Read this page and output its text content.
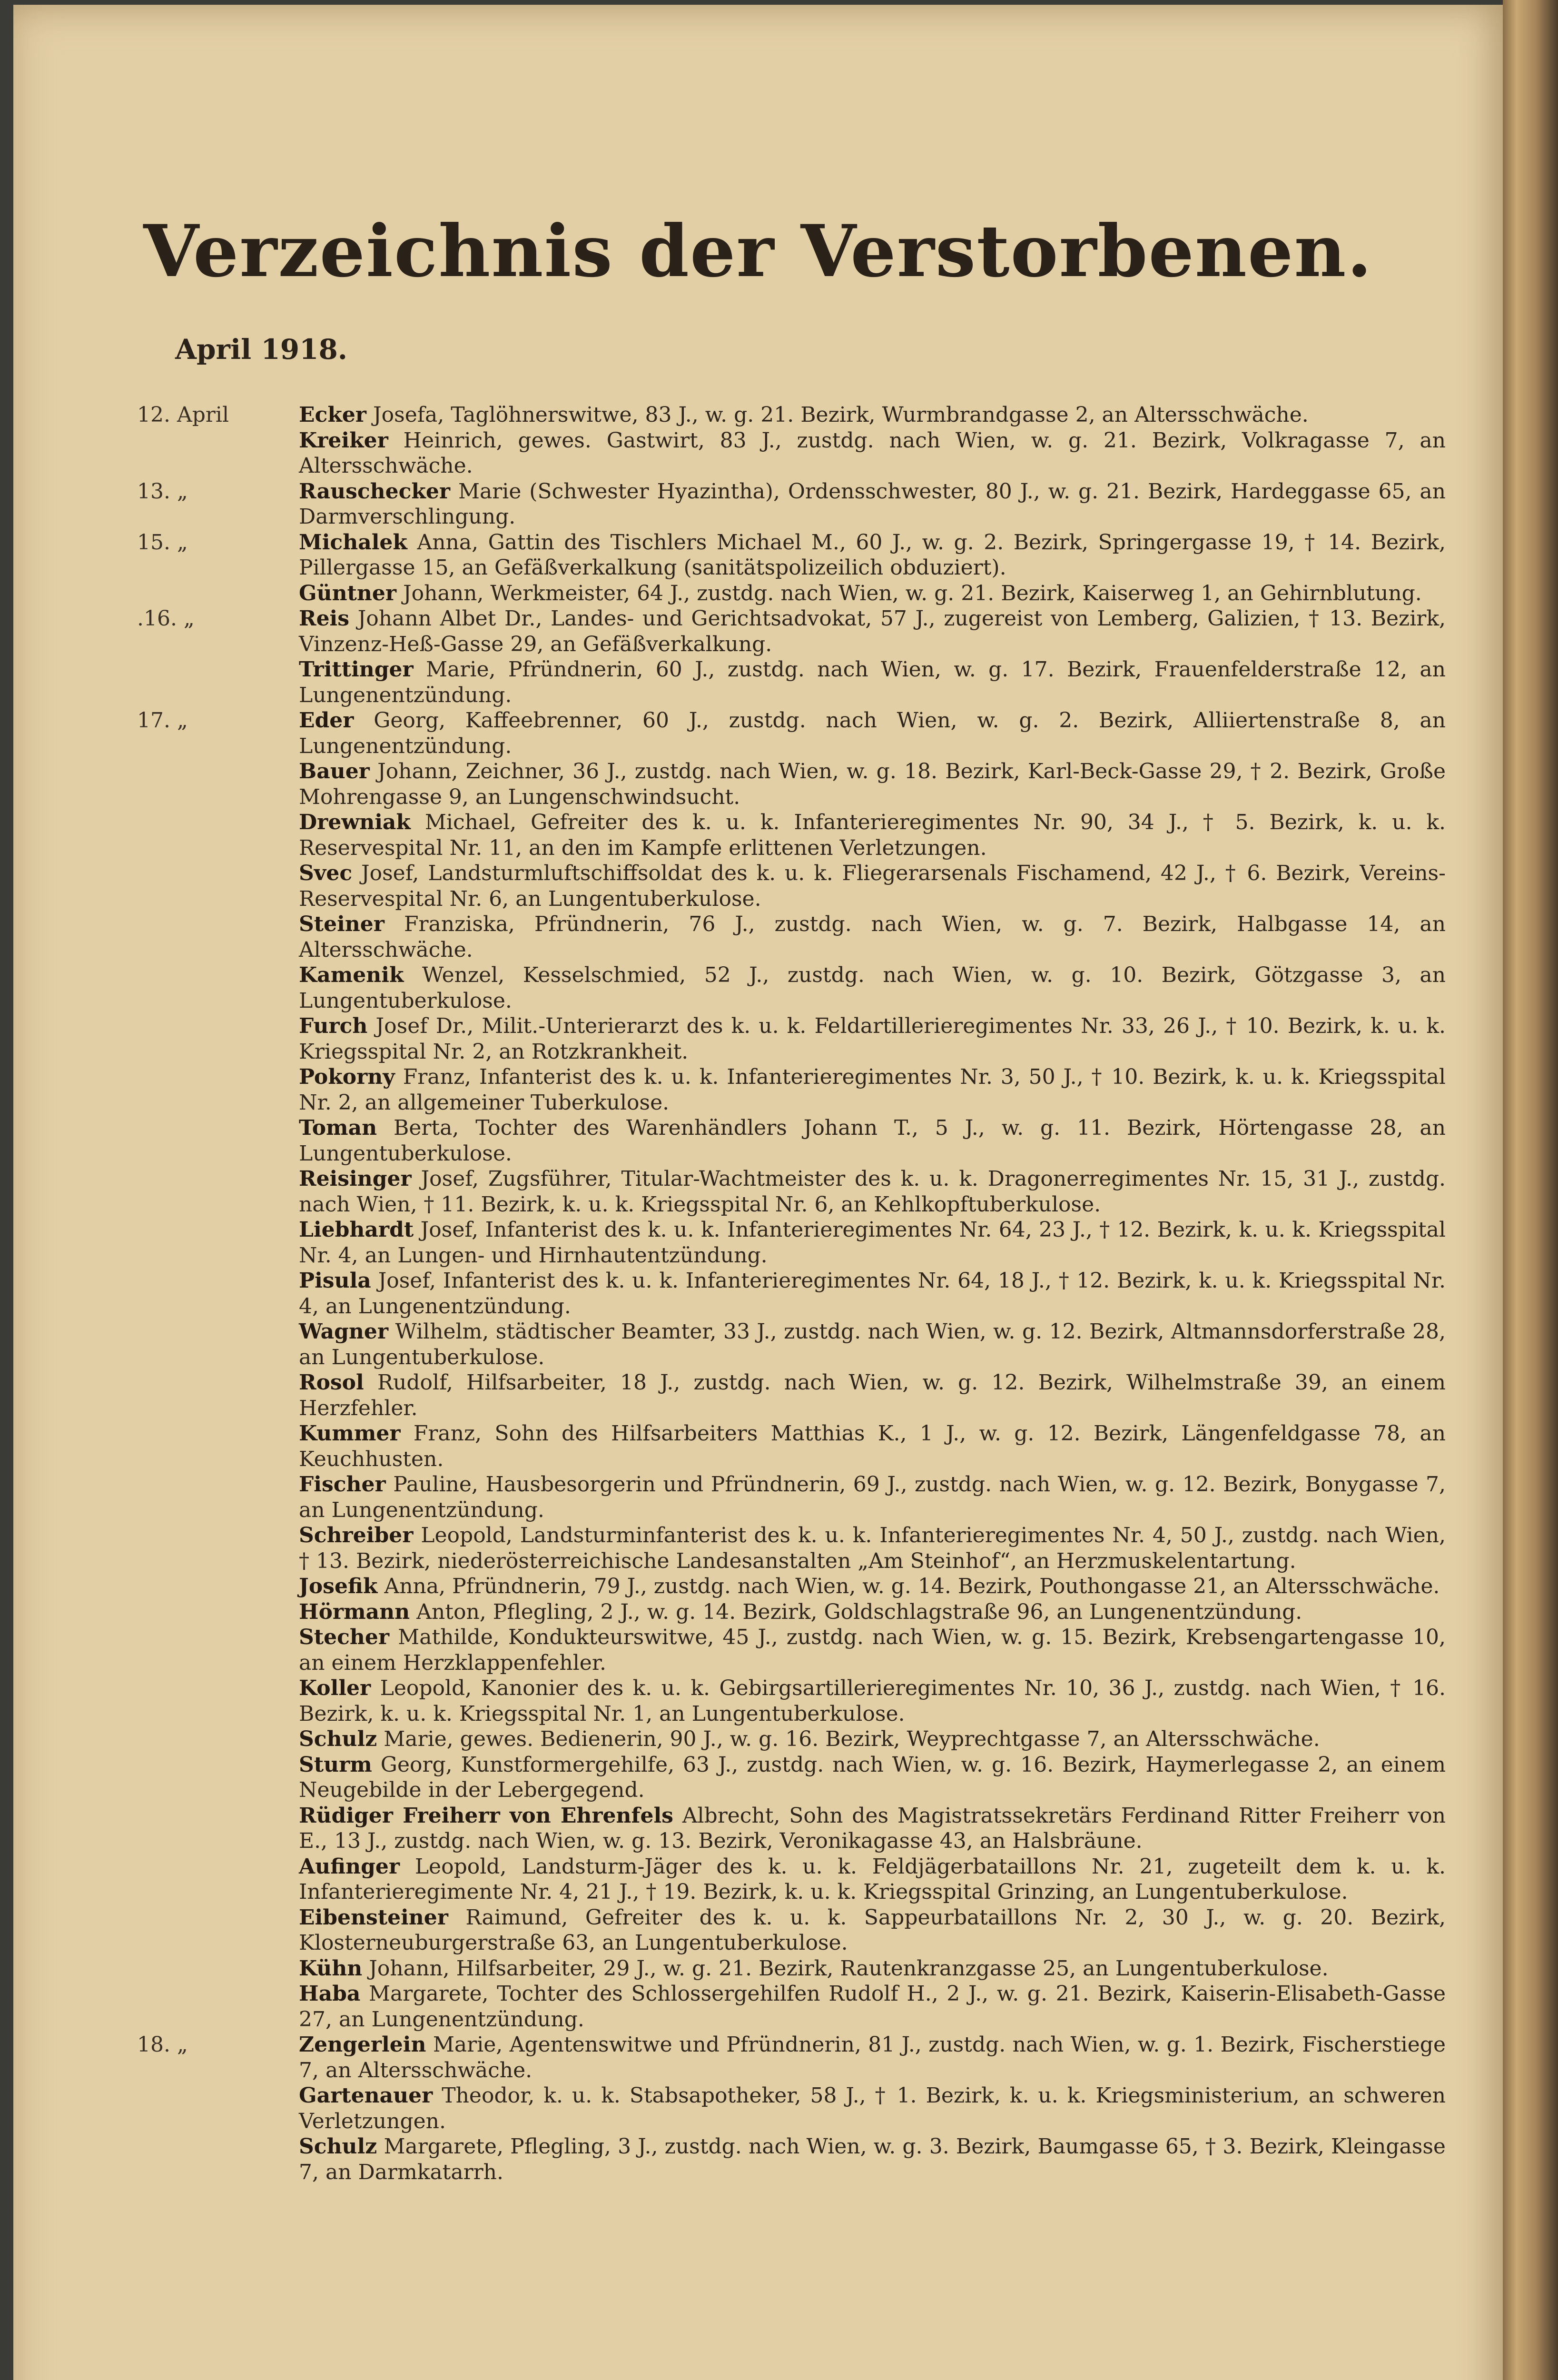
Verzeichnis der Verstorbenen.
April 1918.
12. April	Ecker Josefa, Taglöhnerswitwe, 83 J., w. g. 21. Bezirk, Wurmbrandgasse 2, an Altersschwäche.
Kreiker Heinrich, gewes. Gastwirt, 83 J., zustdg. nach Wien, w. g. 21. Bezirk, Volkragasse 7, an Altersschwäche.
13. „	Rauschecker Marie (Schwester Hyazintha), Ordensschwester, 80 J., w. g. 21. Bezirk, Hardeggasse 65, an Darmverschlingung.
15. „	Michalek Anna, Gattin des Tischlers Michael M., 60 J., w. g. 2. Bezirk, Springergasse 19, † 14. Bezirk, Pillergasse 15, an Gefäßverkalkung (sanitätspolizeilich obduziert).
Güntner Johann, Werkmeister, 64 J., zustdg. nach Wien, w. g. 21. Bezirk, Kaiserweg 1, an Gehirnblutung.
.16. „	Reis Johann Albet Dr., Landes- und Gerichtsadvokat, 57 J., zugereist von Lemberg, Galizien, † 13. Bezirk, Vinzenz-Heß-Gasse 29, an Gefäßverkalkung.
Trittinger Marie, Pfründnerin, 60 J., zustdg. nach Wien, w. g. 17. Bezirk, Frauenfelderstraße 12, an Lungenentzündung.
17. „	Eder Georg, Kaffeebrenner, 60 J., zustdg. nach Wien, w. g. 2. Bezirk, Alliiertenstraße 8, an Lungenentzündung.
Bauer Johann, Zeichner, 36 J., zustdg. nach Wien, w. g. 18. Bezirk, Karl-Beck-Gasse 29, † 2. Bezirk, Große Mohrengasse 9, an Lungenschwindsucht.
Drewniak Michael, Gefreiter des k. u. k. Infanterieregimentes Nr. 90, 34 J., † 5. Bezirk, k. u. k. Reservespital Nr. 11, an den im Kampfe erlittenen Verletzungen.
Svec Josef, Landsturmluftschiffsoldat des k. u. k. Fliegerarsenals Fischamend, 42 J., † 6. Bezirk, Vereins-Reservespital Nr. 6, an Lungentuberkulose.
Steiner Franziska, Pfründnerin, 76 J., zustdg. nach Wien, w. g. 7. Bezirk, Halbgasse 14, an Altersschwäche.
Kamenik Wenzel, Kesselschmied, 52 J., zustdg. nach Wien, w. g. 10. Bezirk, Götzgasse 3, an Lungentuberkulose.
Furch Josef Dr., Milit.-Unterierarzt des k. u. k. Feldartillerieregimentes Nr. 33, 26 J., † 10. Bezirk, k. u. k. Kriegsspital Nr. 2, an Rotzkrankheit.
Pokorny Franz, Infanterist des k. u. k. Infanterieregimentes Nr. 3, 50 J., † 10. Bezirk, k. u. k. Kriegsspital Nr. 2, an allgemeiner Tuberkulose.
Toman Berta, Tochter des Warenhändlers Johann T., 5 J., w. g. 11. Bezirk, Hörtengasse 28, an Lungentuberkulose.
Reisinger Josef, Zugsführer, Titular-Wachtmeister des k. u. k. Dragonerregimentes Nr. 15, 31 J., zustdg. nach Wien, † 11. Bezirk, k. u. k. Kriegsspital Nr. 6, an Kehlkopftuberkulose.
Liebhardt Josef, Infanterist des k. u. k. Infanterieregimentes Nr. 64, 23 J., † 12. Bezirk, k. u. k. Kriegsspital Nr. 4, an Lungen- und Hirnhautentzündung.
Pisula Josef, Infanterist des k. u. k. Infanterieregimentes Nr. 64, 18 J., † 12. Bezirk, k. u. k. Kriegsspital Nr. 4, an Lungenentzündung.
Wagner Wilhelm, städtischer Beamter, 33 J., zustdg. nach Wien, w. g. 12. Bezirk, Altmannsdorferstraße 28, an Lungentuberkulose.
Rosol Rudolf, Hilfsarbeiter, 18 J., zustdg. nach Wien, w. g. 12. Bezirk, Wilhelmstraße 39, an einem Herzfehler.
Kummer Franz, Sohn des Hilfsarbeiters Matthias K., 1 J., w. g. 12. Bezirk, Längenfeldgasse 78, an Keuchhusten.
Fischer Pauline, Hausbesorgerin und Pfründnerin, 69 J., zustdg. nach Wien, w. g. 12. Bezirk, Bonygasse 7, an Lungenentzündung.
Schreiber Leopold, Landsturminfanterist des k. u. k. Infanterieregimentes Nr. 4, 50 J., zustdg. nach Wien, † 13. Bezirk, niederösterreichische Landesanstalten „Am Steinhof“, an Herzmuskelentartung.
Josefik Anna, Pfründnerin, 79 J., zustdg. nach Wien, w. g. 14. Bezirk, Pouthongasse 21, an Altersschwäche.
Hörmann Anton, Pflegling, 2 J., w. g. 14. Bezirk, Goldschlagstraße 96, an Lungenentzündung.
Stecher Mathilde, Kondukteurswitwe, 45 J., zustdg. nach Wien, w. g. 15. Bezirk, Krebsengartengasse 10, an einem Herzklappenfehler.
Koller Leopold, Kanonier des k. u. k. Gebirgsartillerieregimentes Nr. 10, 36 J., zustdg. nach Wien, † 16. Bezirk, k. u. k. Kriegsspital Nr. 1, an Lungentuberkulose.
Schulz Marie, gewes. Bedienerin, 90 J., w. g. 16. Bezirk, Weyprechtgasse 7, an Altersschwäche.
Sturm Georg, Kunstformergehilfe, 63 J., zustdg. nach Wien, w. g. 16. Bezirk, Haymerlegasse 2, an einem Neugebilde in der Lebergegend.
Rüdiger Freiherr von Ehrenfels Albrecht, Sohn des Magistratssekretärs Ferdinand Ritter Freiherr von E., 13 J., zustdg. nach Wien, w. g. 13. Bezirk, Veronikagasse 43, an Halsbräune.
Aufinger Leopold, Landsturm-Jäger des k. u. k. Feldjägerbataillons Nr. 21, zugeteilt dem k. u. k. Infanterieregimente Nr. 4, 21 J., † 19. Bezirk, k. u. k. Kriegsspital Grinzing, an Lungentuberkulose.
Eibensteiner Raimund, Gefreiter des k. u. k. Sappeurbataillons Nr. 2, 30 J., w. g. 20. Bezirk, Klosterneuburgerstraße 63, an Lungentuberkulose.
Kühn Johann, Hilfsarbeiter, 29 J., w. g. 21. Bezirk, Rautenkranzgasse 25, an Lungentuberkulose.
Haba Margarete, Tochter des Schlossergehilfen Rudolf H., 2 J., w. g. 21. Bezirk, Kaiserin-Elisabeth-Gasse 27, an Lungenentzündung.
18. „	Zengerlein Marie, Agentenswitwe und Pfründnerin, 81 J., zustdg. nach Wien, w. g. 1. Bezirk, Fischerstiege 7, an Altersschwäche.
Gartenauer Theodor, k. u. k. Stabsapotheker, 58 J., † 1. Bezirk, k. u. k. Kriegsministerium, an schweren Verletzungen.
Schulz Margarete, Pflegling, 3 J., zustdg. nach Wien, w. g. 3. Bezirk, Baumgasse 65, † 3. Bezirk, Kleingasse 7, an Darmkatarrh.
